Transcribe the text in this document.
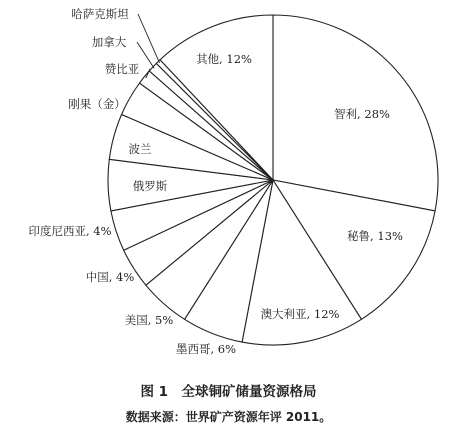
智利, 28%
秘鲁, 13%
澳大利亚, 12%
墨西哥, 6%
美国, 5%
中国, 4%
印度尼西亚, 4%
俄罗斯
波兰
刚果（金）
赞比亚
加拿大
哈萨克斯坦
其他, 12%
图 1　全球铜矿储量资源格局
数据来源：世界矿产资源年评 2011。
